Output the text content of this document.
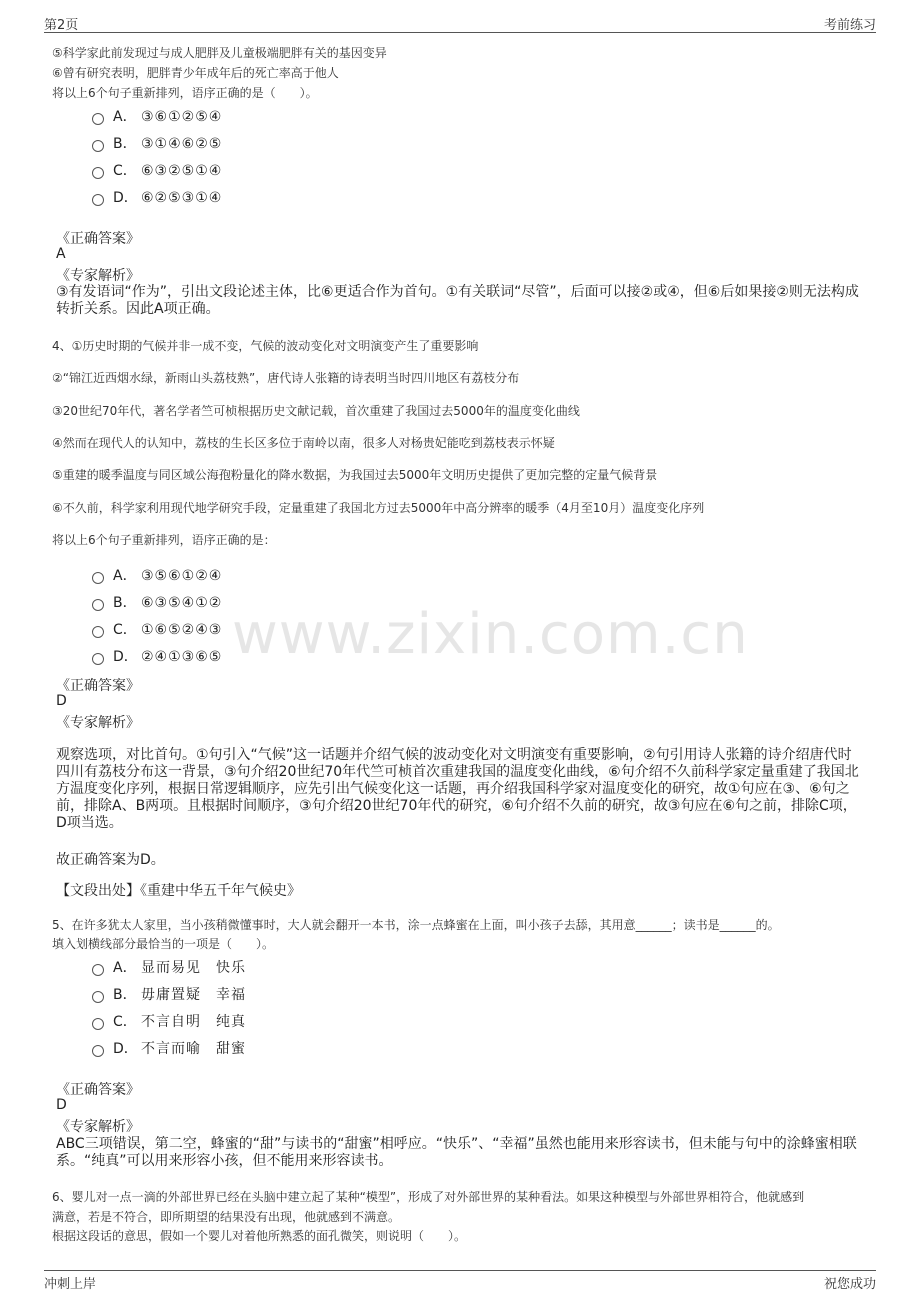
第2页	考前练习
www.zixin.com.cn
⑤科学家此前发现过与成人肥胖及儿童极端肥胖有关的基因变异
⑥曾有研究表明，肥胖青少年成年后的死亡率高于他人
将以上6个句子重新排列，语序正确的是（　　）。
A． ③⑥①②⑤④
B． ③①④⑥②⑤
C． ⑥③②⑤①④
D． ⑥②⑤③①④
《正确答案》
A
《专家解析》
③有发语词“作为”，引出文段论述主体，比⑥更适合作为首句。①有关联词“尽管”，后面可以接②或④，但⑥后如果接②则无法构成转折关系。因此A项正确。
4、①历史时期的气候并非一成不变，气候的波动变化对文明演变产生了重要影响
②“锦江近西烟水绿，新雨山头荔枝熟”，唐代诗人张籍的诗表明当时四川地区有荔枝分布
③20世纪70年代，著名学者竺可桢根据历史文献记载，首次重建了我国过去5000年的温度变化曲线
④然而在现代人的认知中，荔枝的生长区多位于南岭以南，很多人对杨贵妃能吃到荔枝表示怀疑
⑤重建的暖季温度与同区域公海孢粉量化的降水数据，为我国过去5000年文明历史提供了更加完整的定量气候背景
⑥不久前，科学家利用现代地学研究手段，定量重建了我国北方过去5000年中高分辨率的暖季（4月至10月）温度变化序列
将以上6个句子重新排列，语序正确的是：
A． ③⑤⑥①②④
B． ⑥③⑤④①②
C． ①⑥⑤②④③
D． ②④①③⑥⑤
《正确答案》
D
《专家解析》
观察选项，对比首句。①句引入“气候”这一话题并介绍气候的波动变化对文明演变有重要影响，②句引用诗人张籍的诗介绍唐代时四川有荔枝分布这一背景，③句介绍20世纪70年代竺可桢首次重建我国的温度变化曲线，⑥句介绍不久前科学家定量重建了我国北方温度变化序列，根据日常逻辑顺序，应先引出气候变化这一话题，再介绍我国科学家对温度变化的研究，故①句应在③、⑥句之前，排除A、B两项。且根据时间顺序，③句介绍20世纪70年代的研究，⑥句介绍不久前的研究，故③句应在⑥句之前，排除C项，D项当选。
故正确答案为D。
【文段出处】《重建中华五千年气候史》
5、在许多犹太人家里，当小孩稍微懂事时，大人就会翻开一本书，涂一点蜂蜜在上面，叫小孩子去舔，其用意______；读书是______的。
填入划横线部分最恰当的一项是（　　）。
A． 显而易见　快乐
B． 毋庸置疑　幸福
C． 不言自明　纯真
D． 不言而喻　甜蜜
《正确答案》
D
《专家解析》
ABC三项错误，第二空，蜂蜜的“甜”与读书的“甜蜜”相呼应。“快乐”、“幸福”虽然也能用来形容读书，但未能与句中的涂蜂蜜相联系。“纯真”可以用来形容小孩，但不能用来形容读书。
6、婴儿对一点一滴的外部世界已经在头脑中建立起了某种“模型”，形成了对外部世界的某种看法。如果这种模型与外部世界相符合，他就感到
满意，若是不符合，即所期望的结果没有出现，他就感到不满意。
根据这段话的意思，假如一个婴儿对着他所熟悉的面孔微笑，则说明（　　）。
冲刺上岸	祝您成功
